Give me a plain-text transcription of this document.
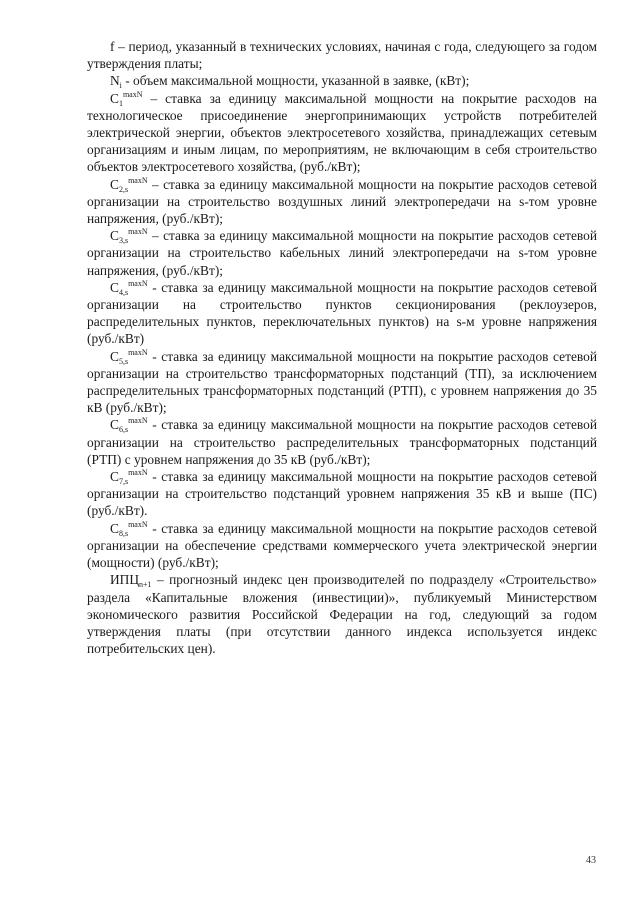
f – период, указанный в технических условиях, начиная с года, следующего за годом утверждения платы;

$N_i$ - объем максимальной мощности, указанной в заявке, (кВт);

$C_1^{maxN}$ – ставка за единицу максимальной мощности на покрытие расходов на технологическое присоединение энергопринимающих устройств потребителей электрической энергии, объектов электросетевого хозяйства, принадлежащих сетевым организациям и иным лицам, по мероприятиям, не включающим в себя строительство объектов электросетевого хозяйства, (руб./кВт);

$C_{2,s}^{maxN}$ – ставка за единицу максимальной мощности на покрытие расходов сетевой организации на строительство воздушных линий электропередачи на s-том уровне напряжения, (руб./кВт);

$C_{3,s}^{maxN}$ – ставка за единицу максимальной мощности на покрытие расходов сетевой организации на строительство кабельных линий электропередачи на s-том уровне напряжения, (руб./кВт);

$C_{4,s}^{maxN}$ - ставка за единицу максимальной мощности на покрытие расходов сетевой организации на строительство пунктов секционирования (реклоузеров, распределительных пунктов, переключательных пунктов) на s-м уровне напряжения (руб./кВт)

$C_{5,s}^{maxN}$ - ставка за единицу максимальной мощности на покрытие расходов сетевой организации на строительство трансформаторных подстанций (ТП), за исключением распределительных трансформаторных подстанций (РТП), с уровнем напряжения до 35 кВ (руб./кВт);

$C_{6,s}^{maxN}$ - ставка за единицу максимальной мощности на покрытие расходов сетевой организации на строительство распределительных трансформаторных подстанций (РТП) с уровнем напряжения до 35 кВ (руб./кВт);

$C_{7,s}^{maxN}$ - ставка за единицу максимальной мощности на покрытие расходов сетевой организации на строительство подстанций уровнем напряжения 35 кВ и выше (ПС) (руб./кВт).

$C_{8,s}^{maxN}$ - ставка за единицу максимальной мощности на покрытие расходов сетевой организации на обеспечение средствами коммерческого учета электрической энергии (мощности) (руб./кВт);

$ИПЦ_{n+1}$ – прогнозный индекс цен производителей по подразделу «Строительство» раздела «Капитальные вложения (инвестиции)», публикуемый Министерством экономического развития Российской Федерации на год, следующий за годом утверждения платы (при отсутствии данного индекса используется индекс потребительских цен).

43
